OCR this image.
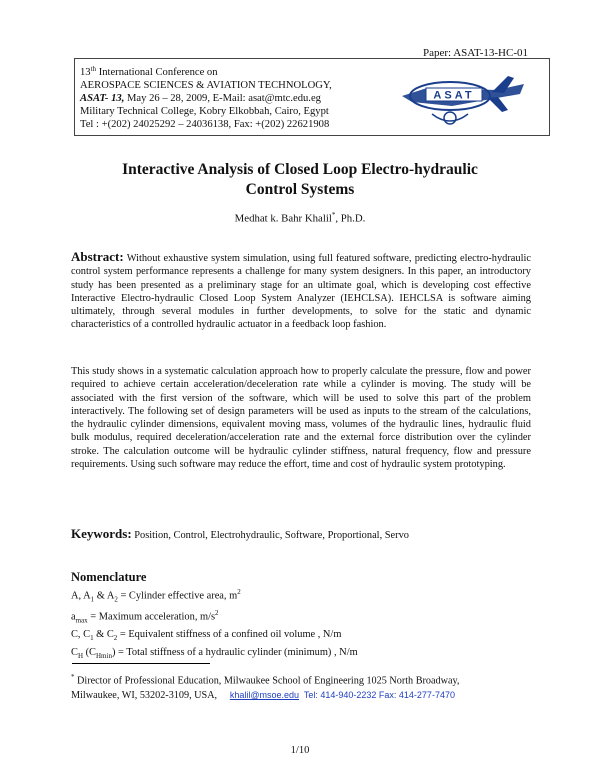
Paper: ASAT-13-HC-01
13th International Conference on
AEROSPACE SCIENCES & AVIATION TECHNOLOGY,
ASAT- 13, May 26 – 28, 2009, E-Mail: asat@mtc.edu.eg
Military Technical College, Kobry Elkobbah, Cairo, Egypt
Tel : +(202) 24025292 – 24036138, Fax: +(202) 22621908
ASAT
Interactive Analysis of Closed Loop Electro-hydraulic
Control Systems
Medhat k. Bahr Khalil*, Ph.D.
Abstract: Without exhaustive system simulation, using full featured software, predicting electro-hydraulic control system performance represents a challenge for many system designers. In this paper, an introductory study has been presented as a preliminary stage for an ultimate goal, which is developing cost effective Interactive Electro-hydraulic Closed Loop System Analyzer (IEHCLSA). IEHCLSA is software aiming ultimately, through several modules in further developments, to solve for the static and dynamic characteristics of a controlled hydraulic actuator in a feedback loop fashion.
This study shows in a systematic calculation approach how to properly calculate the pressure, flow and power required to achieve certain acceleration/deceleration rate while a cylinder is moving. The study will be associated with the first version of the software, which will be used to solve this part of the problem interactively. The following set of design parameters will be used as inputs to the stream of the calculations, the hydraulic cylinder dimensions, equivalent moving mass, volumes of the hydraulic lines, hydraulic fluid bulk modulus, required deceleration/acceleration rate and the external force distribution over the cylinder stroke. The calculation outcome will be hydraulic cylinder stiffness, natural frequency, flow and pressure requirements. Using such software may reduce the effort, time and cost of hydraulic system prototyping.
Keywords: Position, Control, Electrohydraulic, Software, Proportional, Servo
Nomenclature
A, $A_1$ & $A_2$ = Cylinder effective area, $m^2$
$a_{max}$ = Maximum acceleration, $m/s^2$
C, $C_1$ & $C_2$ = Equivalent stiffness of a confined oil volume , N/m
$C_H$ $(C_{Hmin})$ = Total stiffness of a hydraulic cylinder (minimum) , N/m
* Director of Professional Education, Milwaukee School of Engineering 1025 North Broadway,
Milwaukee, WI, 53202-3109, USA,     khalil@msoe.edu  Tel: 414-940-2232 Fax: 414-277-7470
1/10
